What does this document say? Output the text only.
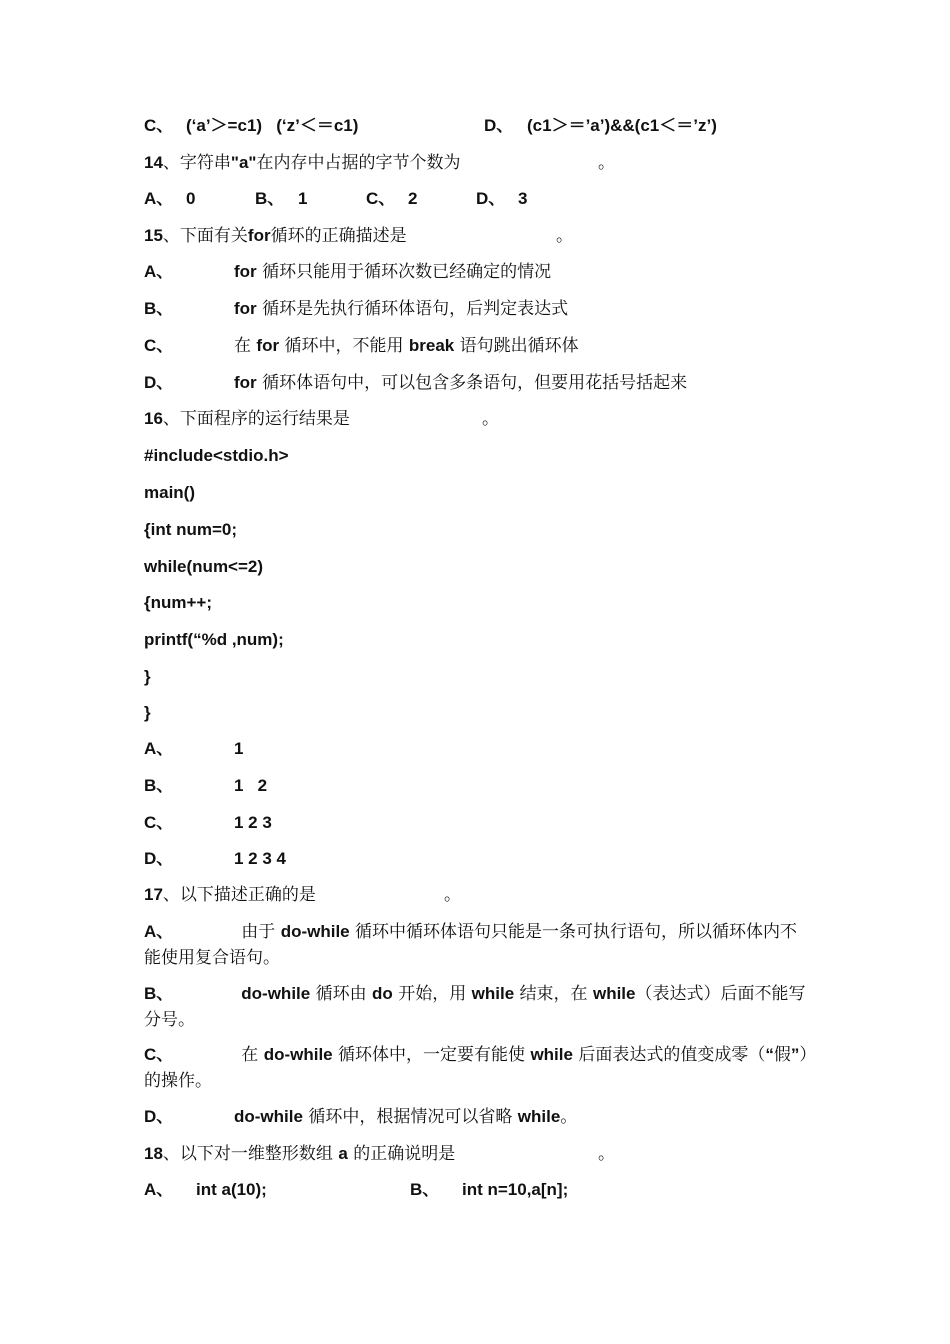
C、 (‘a’＞=c1)   (‘z’＜＝c1)	D、 (c1＞＝’a’)&&(c1＜＝’z’)
14、字符串"a"在内存中占据的字节个数为	。
A、 0	B、 1	C、 2	D、 3
15、下面有关for循环的正确描述是	。
A、	for 循环只能用于循环次数已经确定的情况
B、	for 循环是先执行循环体语句，后判定表达式
C、	在 for 循环中，不能用 break 语句跳出循环体
D、	for 循环体语句中，可以包含多条语句，但要用花括号括起来
16、下面程序的运行结果是	。
#include<stdio.h>
main()
{int num=0;
while(num<=2)
{num++;
printf(“%d ,num);
}
}
A、	1
B、	1   2
C、	1 2 3
D、	1 2 3 4
17、以下描述正确的是	。
A、	由于 do-while 循环中循环体语句只能是一条可执行语句，所以循环体内不能使用复合语句。
B、	do-while 循环由 do 开始，用 while 结束，在 while（表达式）后面不能写分号。
C、	在 do-while 循环体中，一定要有能使 while 后面表达式的值变成零（“假”）的操作。
D、	do-while 循环中，根据情况可以省略 while。
18、以下对一维整形数组 a 的正确说明是	。
A、 int a(10);	B、 int n=10,a[n];
